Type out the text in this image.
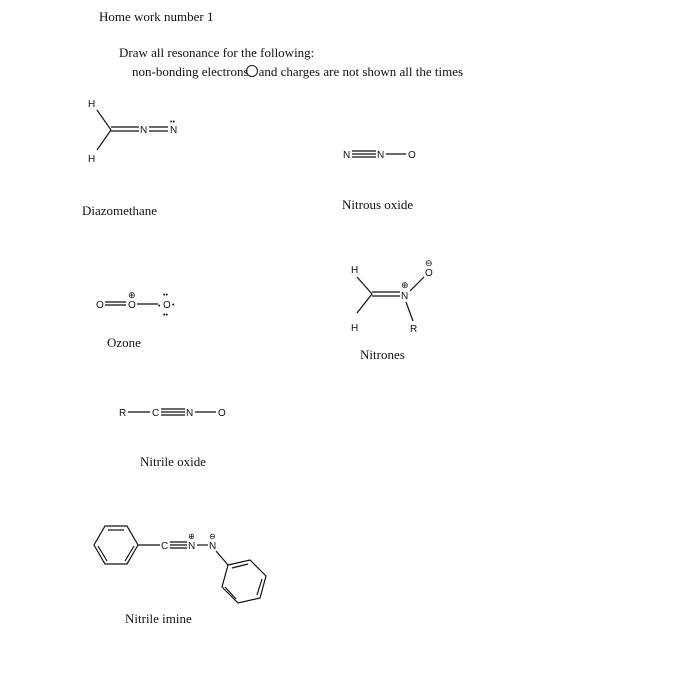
Home work number 1
Draw all resonance for the following:
non-bonding electrons and charges are not shown all the times
H
H
N N
••
Diazomethane
N	N O
Nitrous oxide
O O
⊕
O
••
••
• •
Ozone
H
H
N
⊕
O
⊖
R
Nitrones
R	C	N O
Nitrile oxide
C N
⊕
N
⊖
Nitrile imine
